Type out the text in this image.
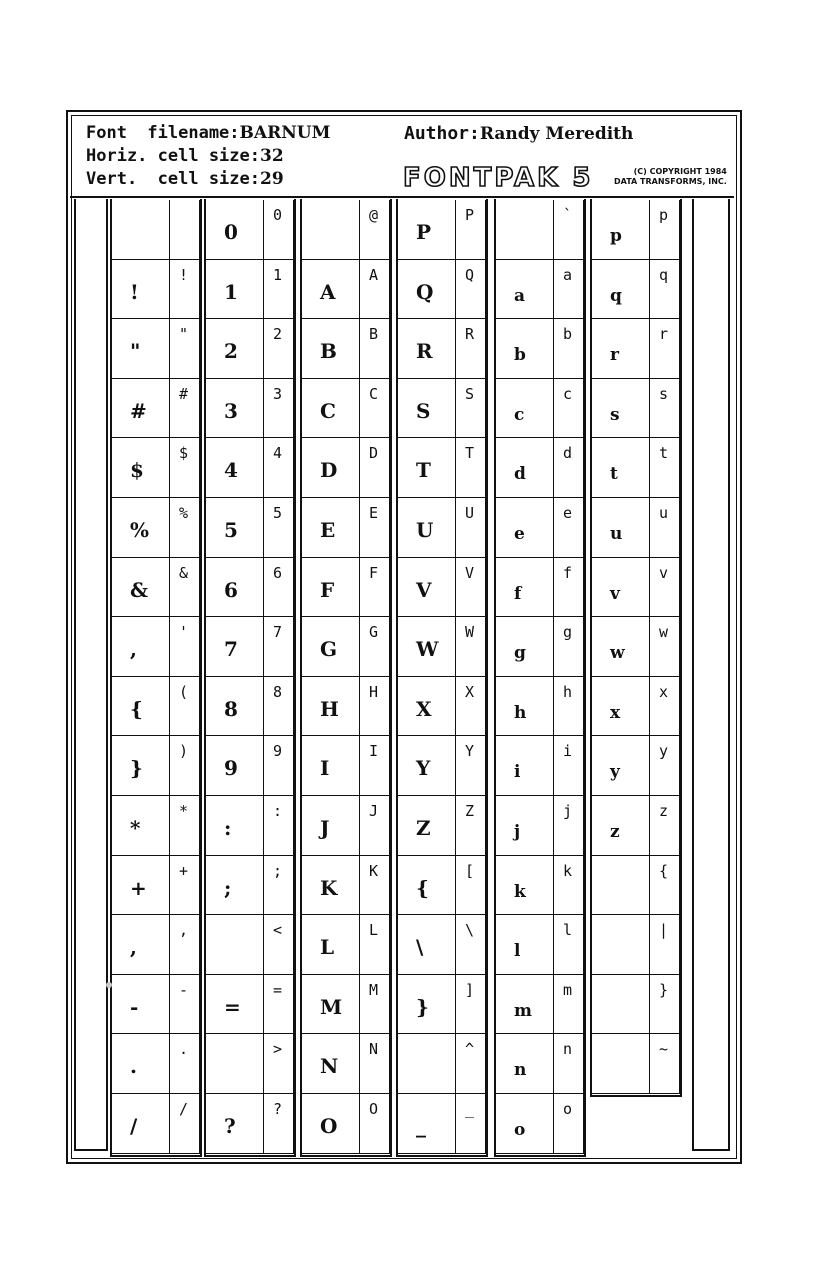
Font  filename:BARNUM
Horiz. cell size:32
Vert.  cell size:29
Author:Randy Meredith
FONTPAK 5	(C) COPYRIGHT 1984
DATA TRANSFORMS, INC.
!
!
"
"
#
#
$
$
%
%
&
&
,
'
{
(
}
)
*
*
+
+
,
,
-
-
.
.
/
/
0
0
1
1
2
2
3
3
4
4
5
5
6
6
7
7
8
8
9
9
:
:
;
;
<
=
=
>
?
?
@
A
A
B
B
C
C
D
D
E
E
F
F
G
G
H
H
I
I
J
J
K
K
L
L
M
M
N
N
O
O
P
P
Q
Q
R
R
S
S
T
T
U
U
V
V
W
W
X
X
Y
Y
Z
Z
{
[
\
\
}
]
^
_
_
`
a
a
b
b
c
c
d
d
e
e
f
f
g
g
h
h
i
i
j
j
k
k
l
l
m
m
n
n
o
o
p
p
q
q
r
r
s
s
t
t
u
u
v
v
w
w
x
x
y
y
z
z
{
|
}
~
